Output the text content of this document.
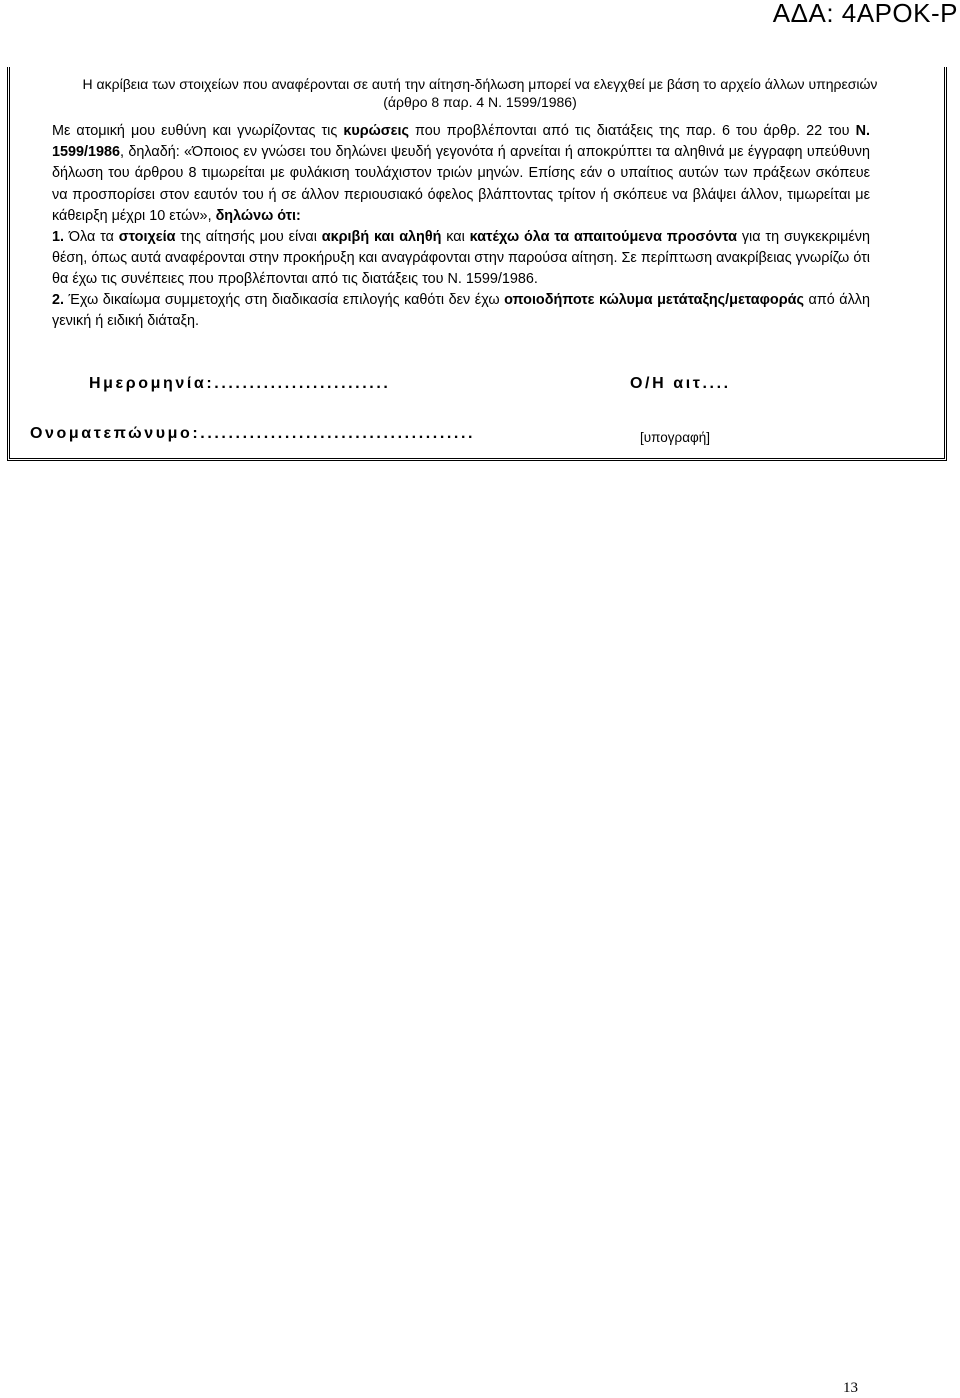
ΑΔΑ: 4ΑΡΟΚ-Ρ
Η ακρίβεια των στοιχείων που αναφέρονται σε αυτή την αίτηση-δήλωση μπορεί να ελεγχθεί με βάση το αρχείο άλλων υπηρεσιών
(άρθρο 8 παρ. 4 Ν. 1599/1986)
Με ατομική μου ευθύνη και γνωρίζοντας τις κυρώσεις που προβλέπονται από τις διατάξεις της παρ. 6 του άρθρ. 22 του Ν. 1599/1986, δηλαδή: «Όποιος εν γνώσει του δηλώνει ψευδή γεγονότα ή αρνείται ή αποκρύπτει τα αληθινά με έγγραφη υπεύθυνη δήλωση του άρθρου 8 τιμωρείται με φυλάκιση τουλάχιστον τριών μηνών. Επίσης εάν ο υπαίτιος αυτών των πράξεων σκόπευε να προσπορίσει στον εαυτόν του ή σε άλλον περιουσιακό όφελος βλάπτοντας τρίτον ή σκόπευε να βλάψει άλλον, τιμωρείται με κάθειρξη μέχρι 10 ετών», δηλώνω ότι:
1. Όλα τα στοιχεία της αίτησής μου είναι ακριβή και αληθή και κατέχω όλα τα απαιτούμενα προσόντα για τη συγκεκριμένη θέση, όπως αυτά αναφέρονται στην προκήρυξη και αναγράφονται στην παρούσα αίτηση. Σε περίπτωση ανακρίβειας γνωρίζω ότι θα έχω τις συνέπειες που προβλέπονται από τις διατάξεις του Ν. 1599/1986.
2. Έχω δικαίωμα συμμετοχής στη διαδικασία επιλογής καθότι δεν έχω οποιοδήποτε κώλυμα μετάταξης/μεταφοράς από άλλη γενική ή ειδική διάταξη.
Ημερομηνία:.........................	Ο/Η αιτ....
Ονοματεπώνυμο:.......................................	[υπογραφή]
13
